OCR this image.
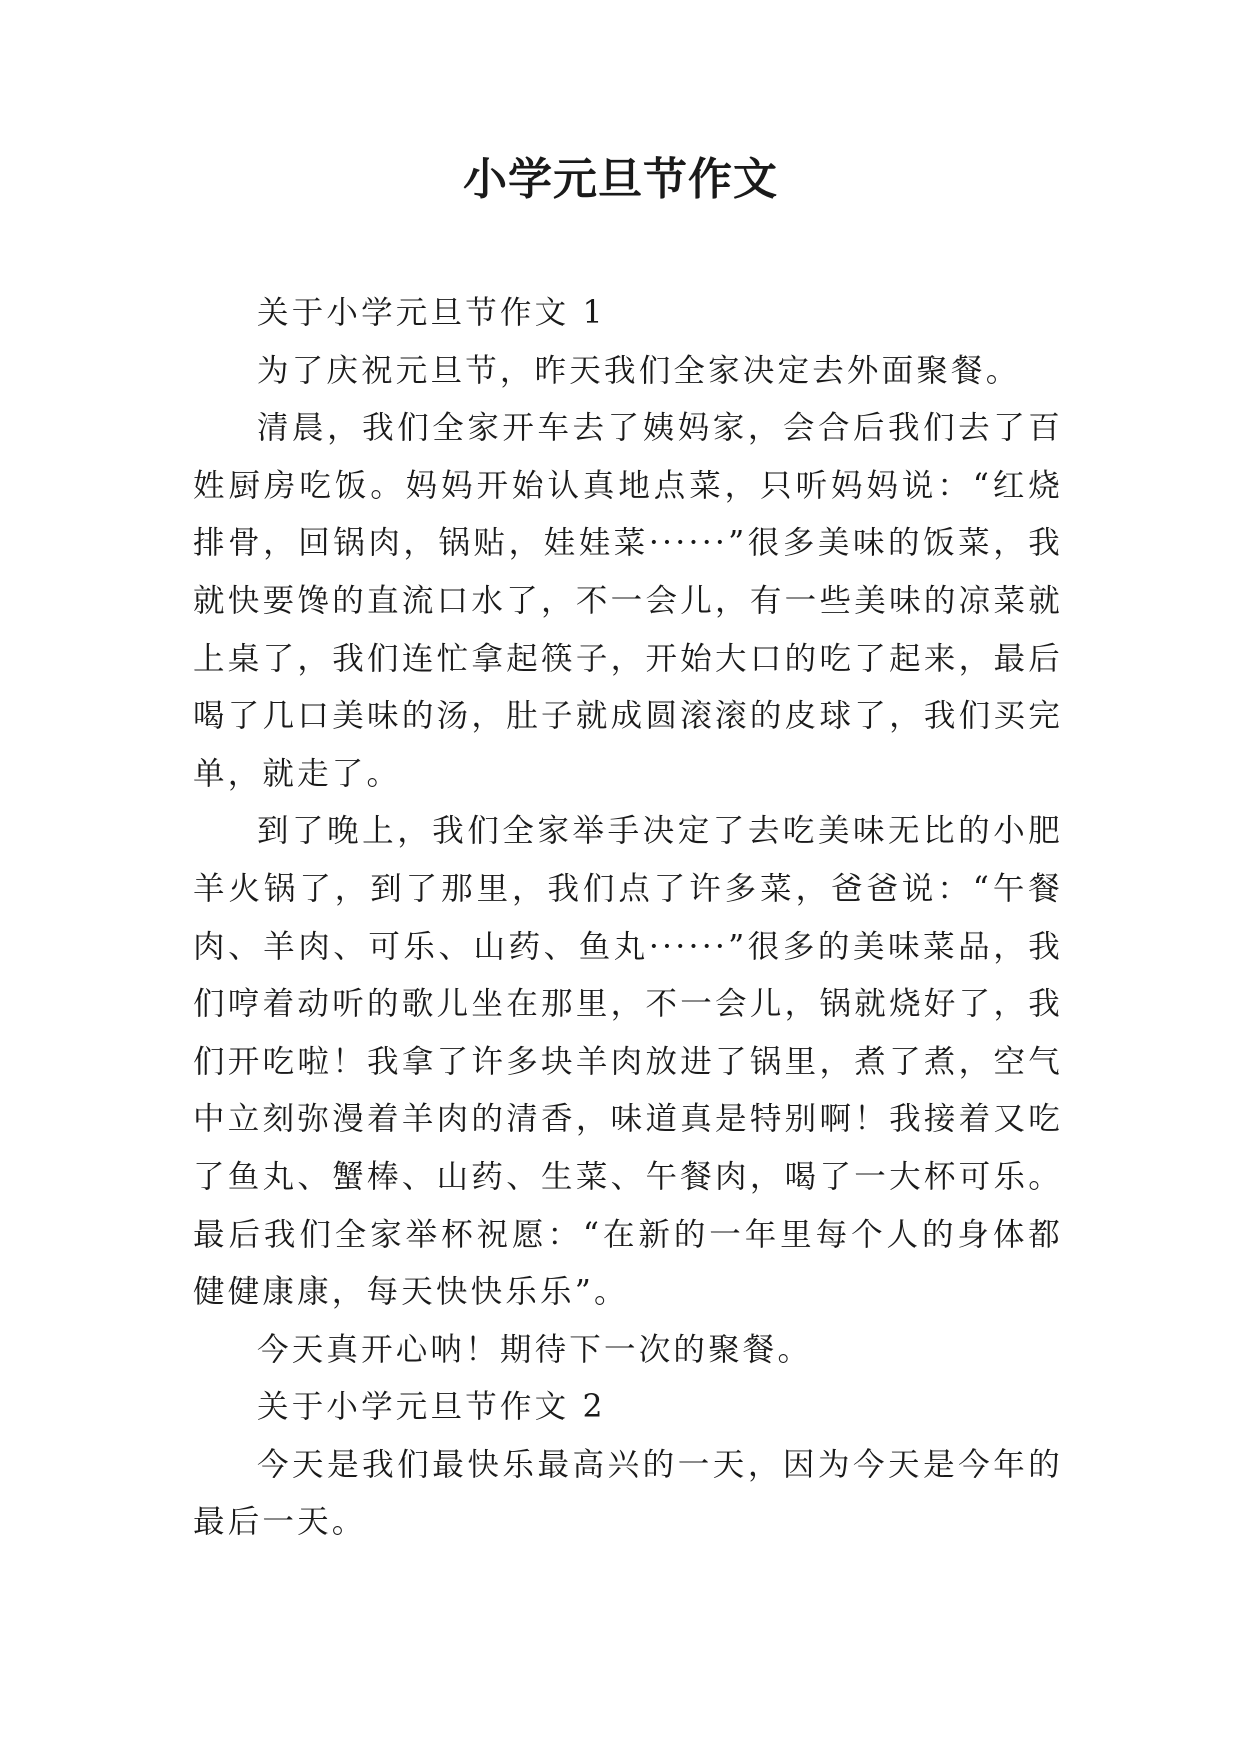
小学元旦节作文

关于小学元旦节作文 1

为了庆祝元旦节，昨天我们全家决定去外面聚餐。

清晨，我们全家开车去了姨妈家，会合后我们去了百姓厨房吃饭。妈妈开始认真地点菜，只听妈妈说：“红烧排骨，回锅肉，锅贴，娃娃菜······”很多美味的饭菜，我就快要馋的直流口水了，不一会儿，有一些美味的凉菜就上桌了，我们连忙拿起筷子，开始大口的吃了起来，最后喝了几口美味的汤，肚子就成圆滚滚的皮球了，我们买完单，就走了。

到了晚上，我们全家举手决定了去吃美味无比的小肥羊火锅了，到了那里，我们点了许多菜，爸爸说：“午餐肉、羊肉、可乐、山药、鱼丸······”很多的美味菜品，我们哼着动听的歌儿坐在那里，不一会儿，锅就烧好了，我们开吃啦！我拿了许多块羊肉放进了锅里，煮了煮，空气中立刻弥漫着羊肉的清香，味道真是特别啊！我接着又吃了鱼丸、蟹棒、山药、生菜、午餐肉，喝了一大杯可乐。最后我们全家举杯祝愿：“在新的一年里每个人的身体都健健康康，每天快快乐乐”。

今天真开心呐！期待下一次的聚餐。

关于小学元旦节作文 2

今天是我们最快乐最高兴的一天，因为今天是今年的最后一天。
